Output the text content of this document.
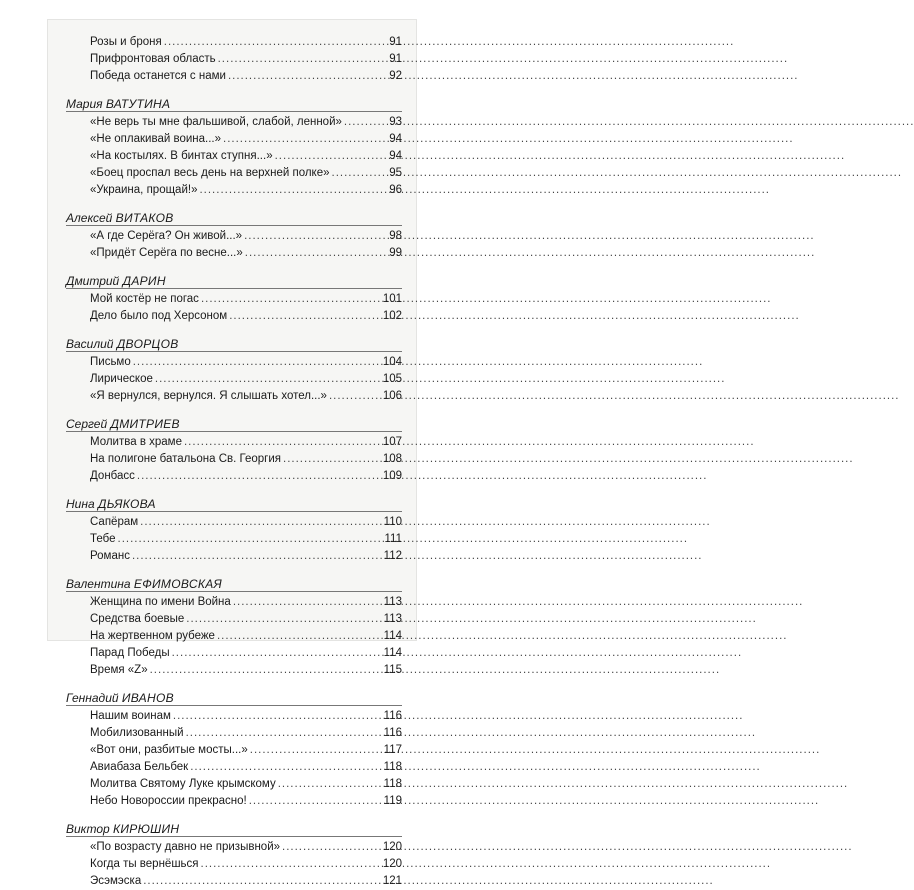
Розы и броня .....	91
Прифронтовая область .....	91
Победа останется с нами .....	92
Мария ВАТУТИНА
«Не верь ты мне фальшивой, слабой, ленной» .....	93
«Не оплакивай воина...» .....	94
«На костылях. В бинтах ступня...» .....	94
«Боец проспал весь день на верхней полке» .....	95
«Украина, прощай!» .....	96
Алексей ВИТАКОВ
«А где Серёга? Он живой...» .....	98
«Придёт Серёга по весне...» .....	99
Дмитрий ДАРИН
Мой костёр не погас .....	101
Дело было под Херсоном .....	102
Василий ДВОРЦОВ
Письмо .....	104
Лирическое .....	105
«Я вернулся, вернулся. Я слышать хотел...» .....	106
Сергей ДМИТРИЕВ
Молитва в храме .....	107
На полигоне батальона Св. Георгия .....	108
Донбасс .....	109
Нина ДЬЯКОВА
Сапёрам .....	110
Тебе .....	111
Романс .....	112
Валентина ЕФИМОВСКАЯ
Женщина по имени Война .....	113
Средства боевые .....	113
На жертвенном рубеже .....	114
Парад Победы .....	114
Время «Z» .....	115
Геннадий ИВАНОВ
Нашим воинам .....	116
Мобилизованный .....	116
«Вот они, разбитые мосты...» .....	117
Авиабаза Бельбек .....	118
Молитва Святому Луке крымскому .....	118
Небо Новороссии прекрасно! .....	119
Виктор КИРЮШИН
«По возрасту давно не призывной» .....	120
Когда ты вернёшься .....	120
Эсэмэска .....	121
